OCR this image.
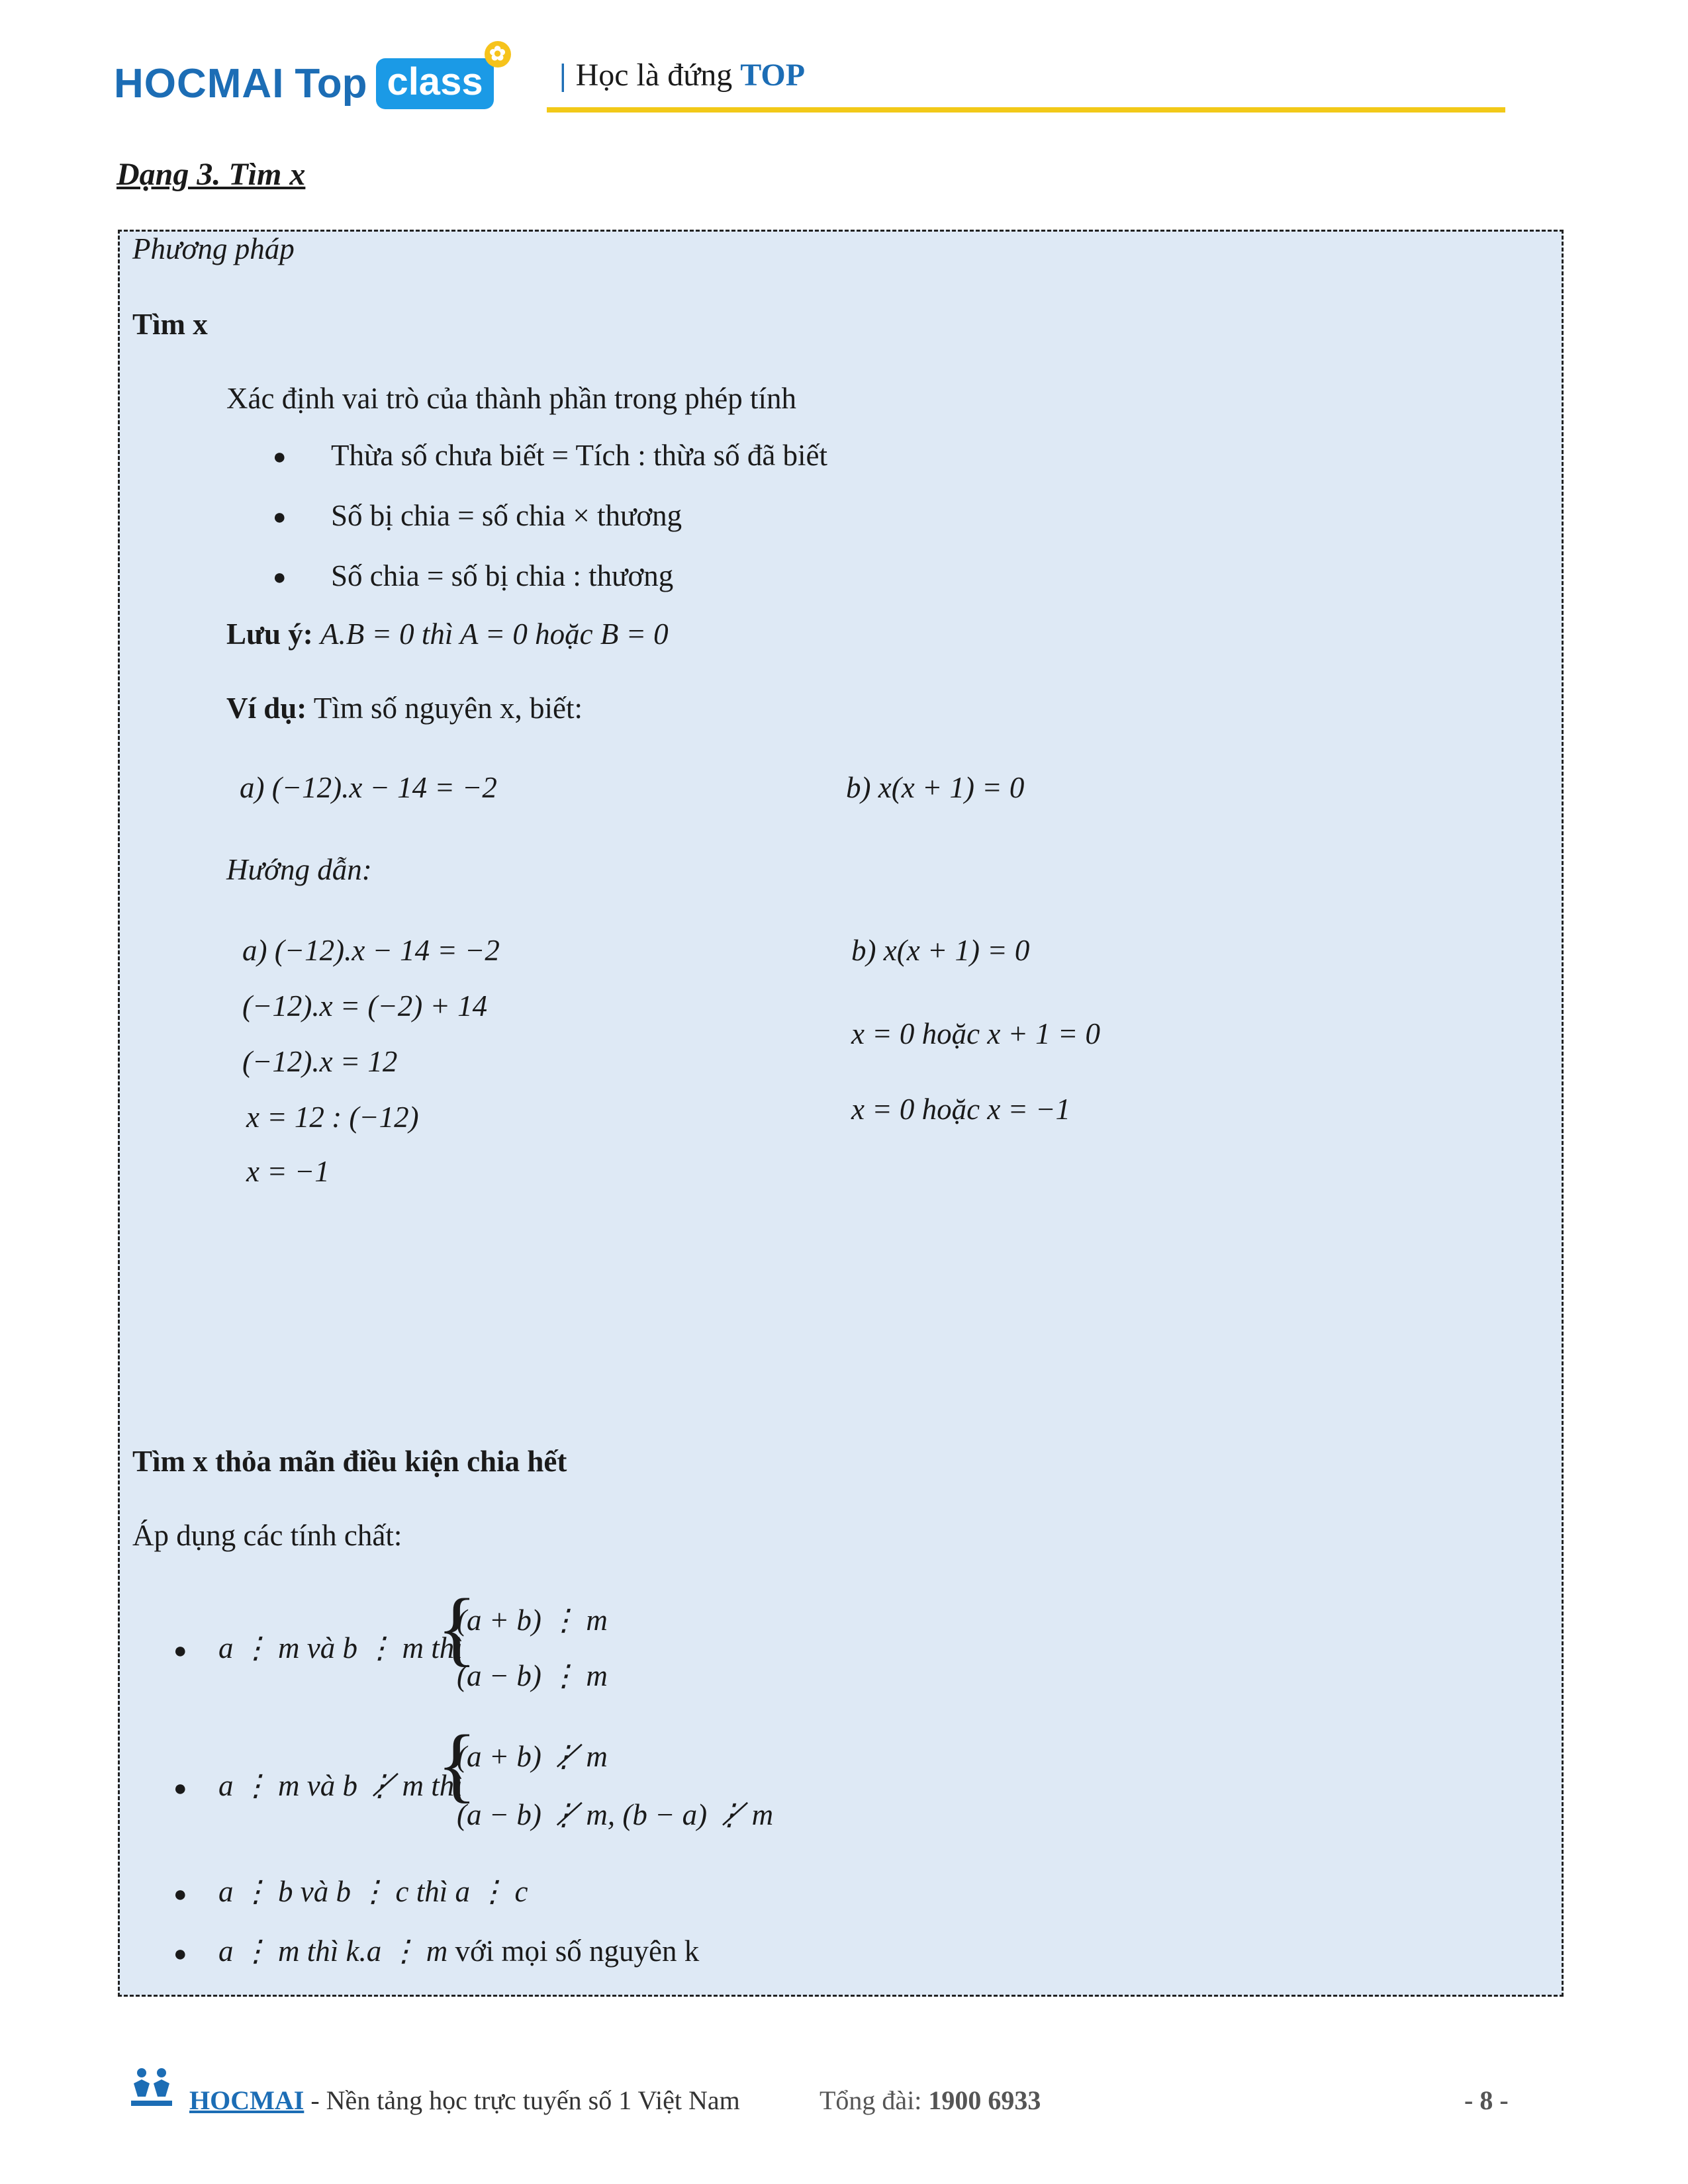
HOCMAI Top class
✿
| Học là đứng TOP
Dạng 3. Tìm x
Phương pháp
Tìm x
Xác định vai trò của thành phần trong phép tính
● Thừa số chưa biết = Tích : thừa số đã biết
● Số bị chia = số chia × thương
● Số chia = số bị chia : thương
Lưu ý: A.B = 0 thì A = 0 hoặc B = 0
Ví dụ: Tìm số nguyên x, biết:
a) (−12).x − 14 = −2	b) x(x + 1) = 0
Hướng dẫn:
a) (−12).x − 14 = −2
(−12).x = (−2) + 14
(−12).x = 12
x = 12 : (−12)
x = −1
b) x(x + 1) = 0
x = 0 hoặc x + 1 = 0
x = 0 hoặc x = −1
Tìm x thỏa mãn điều kiện chia hết
Áp dụng các tính chất:
● a ⋮ m và b ⋮ m thì
{
(a + b) ⋮ m
(a − b) ⋮ m
● a ⋮ m và b ⋮̸ m thì
{
(a + b) ⋮̸ m
(a − b) ⋮̸ m, (b − a) ⋮̸ m
● a ⋮ b và b ⋮ c thì a ⋮ c
● a ⋮ m thì k.a ⋮ m với mọi số nguyên k
HOCMAI - Nền tảng học trực tuyến số 1 Việt Nam	Tổng đài: 1900 6933	- 8 -
